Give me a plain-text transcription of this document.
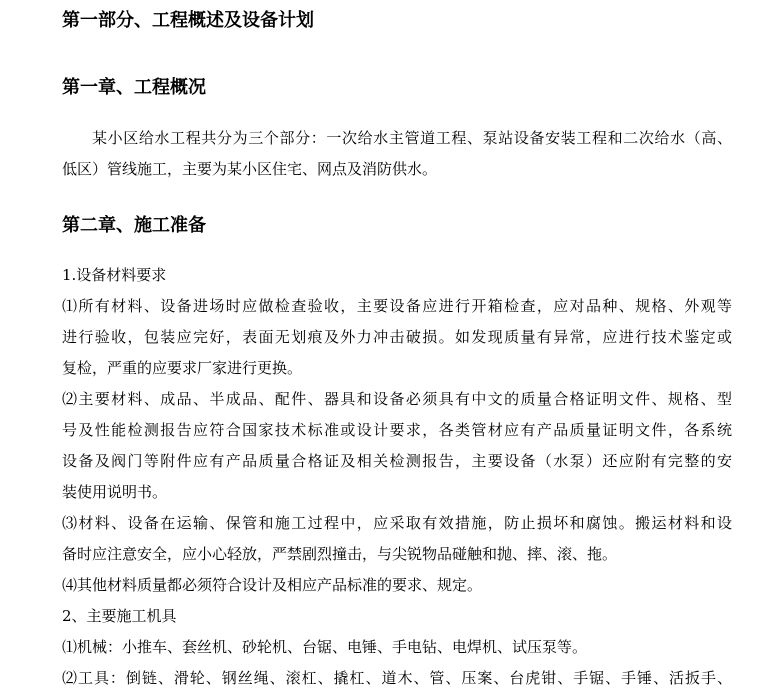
第一部分、工程概述及设备计划
第一章、工程概况
某小区给水工程共分为三个部分：一次给水主管道工程、泵站设备安装工程和二次给水（高、
低区）管线施工，主要为某小区住宅、网点及消防供水。
第二章、施工准备
1.设备材料要求
⑴所有材料、设备进场时应做检查验收，主要设备应进行开箱检查，应对品种、规格、外观等
进行验收，包装应完好，表面无划痕及外力冲击破损。如发现质量有异常，应进行技术鉴定或
复检，严重的应要求厂家进行更换。
⑵主要材料、成品、半成品、配件、器具和设备必须具有中文的质量合格证明文件、规格、型
号及性能检测报告应符合国家技术标准或设计要求，各类管材应有产品质量证明文件，各系统
设备及阀门等附件应有产品质量合格证及相关检测报告，主要设备（水泵）还应附有完整的安
装使用说明书。
⑶材料、设备在运输、保管和施工过程中，应采取有效措施，防止损坏和腐蚀。搬运材料和设
备时应注意安全，应小心轻放，严禁剧烈撞击，与尖锐物品碰触和抛、摔、滚、拖。
⑷其他材料质量都必须符合设计及相应产品标准的要求、规定。
2、主要施工机具
⑴机械：小推车、套丝机、砂轮机、台锯、电锤、手电钻、电焊机、试压泵等。
⑵工具：倒链、滑轮、钢丝绳、滚杠、撬杠、道木、管、压案、台虎钳、手锯、手锤、活扳手、
